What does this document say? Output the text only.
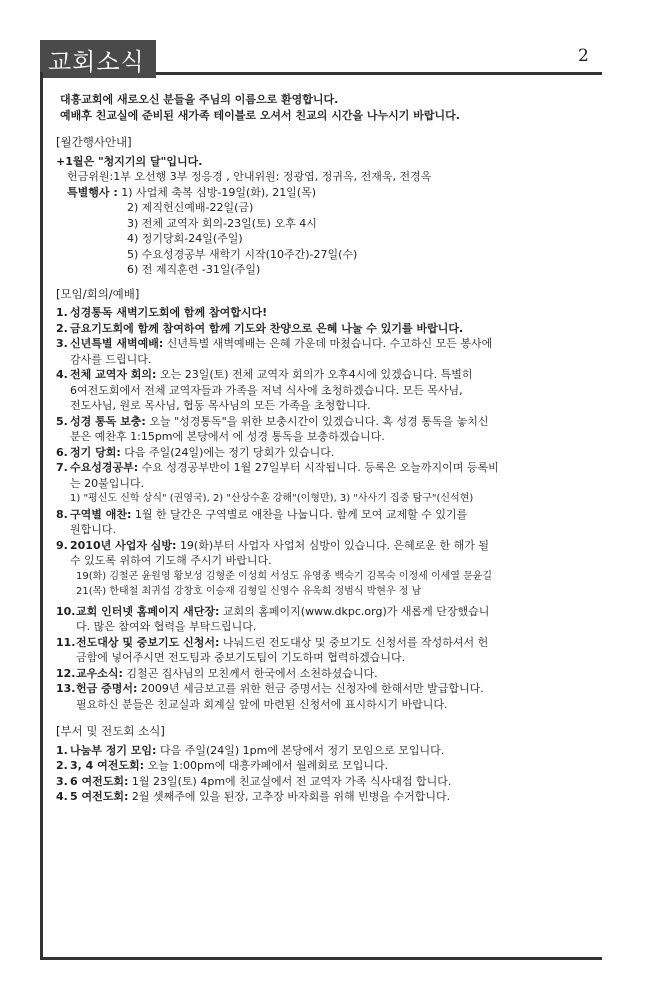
교회소식	2
대흥교회에 새로오신 분들을 주님의 이름으로 환영합니다.
예배후 친교실에 준비된 새가족 테이블로 오셔서 친교의 시간을 나누시기 바랍니다.
[월간행사안내]
+1월은 "청지기의 달"입니다.
헌금위원:1부 오선행 3부 정응경 , 안내위원: 정광엽, 정귀옥, 전재욱, 전경옥
특별행사 : 1) 사업체 축복 심방-19일(화), 21일(목)
2) 제직헌신예배-22일(금)
3) 전체 교역자 회의-23일(토) 오후 4시
4) 정기당회-24일(주일)
5) 수요성경공부 새학기 시작(10주간)-27일(수)
6) 전 제직훈련 -31일(주일)
[모임/회의/예배]
1. 성경통독 새벽기도회에 함께 참여합시다!
2. 금요기도회에 함께 참여하여 함께 기도와 찬양으로 은혜 나눌 수 있기를 바랍니다.
3. 신년특별 새벽예배: 신년특별 새벽예배는 은혜 가운데 마쳤습니다. 수고하신 모든 봉사에
감사를 드립니다.
4. 전체 교역자 회의: 오는 23일(토) 전체 교역자 회의가 오후4시에 있겠습니다. 특별히
6여전도회에서 전체 교역자들과 가족을 저녁 식사에 초청하겠습니다. 모든 목사님,
전도사님, 원로 목사님, 협동 목사님의 모든 가족을 초청합니다.
5. 성경 통독 보충: 오늘 "성경통독"을 위한 보충시간이 있겠습니다. 혹 성경 통독을 놓치신
분은 예찬후 1:15pm에 본당에서 에 성경 통독을 보충하겠습니다.
6. 정기 당회: 다음 주일(24일)에는 정기 당회가 있습니다.
7. 수요성경공부: 수요 성경공부반이 1월 27일부터 시작됩니다. 등록은 오늘까지이며 등록비
는 20불입니다.
1) "평신도 신학 상식" (권영국), 2) "산상수훈 강해"(이형만), 3) "사사기 집중 탐구"(신석현)
8. 구역별 애찬: 1월 한 달간은 구역별로 애찬을 나눕니다. 함께 모여 교제할 수 있기를
원합니다.
9. 2010년 사업자 심방: 19(화)부터 사업자 사업처 심방이 있습니다. 은혜로운 한 해가 될
수 있도록 위하여 기도해 주시기 바랍니다.
19(화) 김철곤 윤원영 황보성 김형준 이성희 서성도 유영종 백숙기 김목숙 이정세 이세열 문윤길
21(목) 한태철 최귀섭 강창호 이승재 김형일 신영수 유욱희 정범식 박현우 정 남
10. 교회 인터넷 홈페이지 새단장: 교회의 홈페이지(www.dkpc.org)가 새롭게 단장했습니
다. 많은 참여와 협력을 부탁드립니다.
11. 전도대상 및 중보기도 신청서: 나눠드린 전도대상 및 중보기도 신청서를 작성하셔서 헌
금함에 넣어주시면 전도팀과 중보기도팀이 기도하며 협력하겠습니다.
12. 교우소식: 김철곤 집사님의 모친께서 한국에서 소천하셨습니다.
13. 헌금 증명서: 2009년 세금보고를 위한 헌금 증명서는 신청자에 한해서만 발급합니다.
필요하신 분들은 친교실과 회계실 앞에 마련된 신청서에 표시하시기 바랍니다.
[부서 및 전도회 소식]
1. 나눔부 정기 모임: 다음 주일(24일) 1pm에 본당에서 정기 모임으로 모입니다.
2. 3, 4 여전도회: 오늘 1:00pm에 대흥카페에서 월례회로 모입니다.
3. 6 여전도회: 1월 23일(토) 4pm에 친교실에서 전 교역자 가족 식사대접 합니다.
4. 5 여전도회: 2월 셋째주에 있을 된장, 고추장 바자회를 위해 빈병을 수거합니다.
